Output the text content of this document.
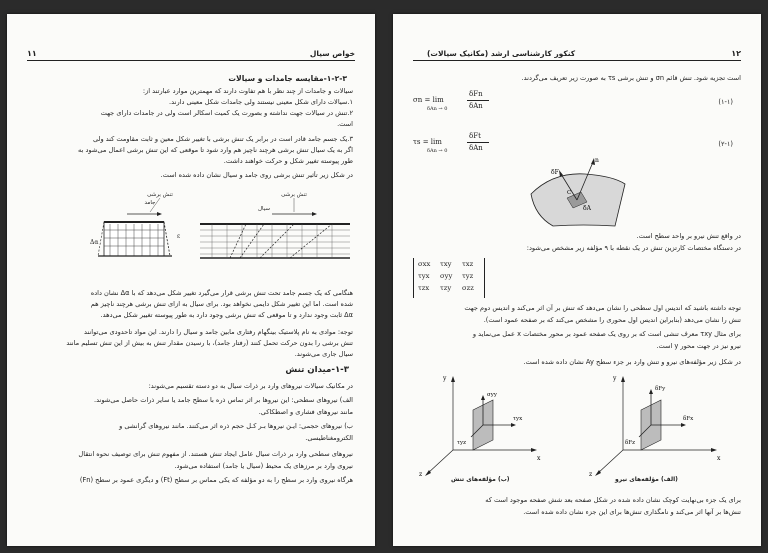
خواص سیال
۱۱
۱-۲-۳-مقایسه جامدات و سیالات
سیالات و جامدات از چند نظر با هم تفاوت دارند که مهمترین موارد عبارتند از:
۱.سیالات دارای شکل معینی نیستند ولی جامدات شکل معینی دارند.
۲.تنش در سیالات جهت نداشته و بصورت یک کمیت اسکالر است ولی در جامدات دارای جهت
است.
۳.یک جسم جامد قادر است در برابر یک تنش برشی با تغییر شکل معین و ثابت مقاومت کند ولی
اگر به یک سیال تنش برشی هرچند ناچیز هم وارد شود تا موقعی که این تنش برشی اعمال می‌شود به
طور پیوسته تغییر شکل و حرکت خواهند داشت.
در شکل زیر تأثیر تنش برشی روی جامد و سیال نشان داده شده است.
Δα
ε
جامد
سیال
تنش برشی	تنش برشی
هنگامی که یک جسم جامد تحت تنش برشی قرار می‌گیرد تغییر شکل می‌دهد که با Δα نشان داده
شده است. اما این تغییر شکل دایمی نخواهد بود. برای سیال به ازای تنش برشی هرچند ناچیز هم
Δα ثابت وجود ندارد و تا موقعی که تنش برشی وجود دارد به طور پیوسته تغییر شکل می‌دهد.
توجه: موادی به نام پلاستیک بینگهام رفتاری مابین جامد و سیال را دارند. این مواد تاحدودی می‌توانند
تنش برشی را بدون حرکت تحمل کنند (رفتار جامد)، با رسیدن مقدار تنش به بیش از این تنش تسلیم مانند
سیال جاری می‌شوند.
۱-۳-میدان تنش
در مکانیک سیالات نیروهای وارد بر ذرات سیال به دو دسته تقسیم می‌شوند:
الف) نیروهای سطحی: این نیروها بر اثر تماس ذره با سطح جامد یا سایر ذرات حاصل می‌شوند.
مانند نیروهای فشاری و اصطکاکی.
ب) نیروهای حجمی: ایـن نیروها بـر کـل حجم ذره اثر می‌کنند. مانند نیروهای گرانشی و
الکترومغناطیسی.
نیروهای سطحی وارد بر ذرات سیال عامل ایجاد تنش هستند. از مفهوم تنش برای توصیف نحوه انتقال
نیروی وارد بر مرزهای یک محیط (سیال یا جامد) استفاده می‌شود.
هرگاه نیروی وارد بر سطح را به دو مؤلفه که یکی مماس بر سطح (Ft) و دیگری عمود بر سطح (Fn)
کنکور کارشناسی ارشد (مکانیک سیالات)	۱۲
است تجزیه شود. تنش قائم σn و تنش برشی τs به صورت زیر تعریف می‌گردند.
σn = lim
δAn → 0
δFn
δAn	(۱-۱)
τs = lim
δAn → 0
δFt
δAn	(۲-۱)
n
δF
δA
C
در واقع تنش نیرو بر واحد سطح است.
در دستگاه مختصات کارتزین تنش در یک نقطه با ۹ مؤلفه زیر مشخص می‌شود:
σxx τxy τxz
τyx σyy τyz
τzx τzy σzz
توجه داشته باشید که اندیس اول سطحی را نشان می‌دهد که تنش بر آن اثر می‌کند و اندیس دوم جهت
تنش را نشان می‌دهد (بنابراین اندیس اول محوری را مشخص می‌کند که بر صفحه عمود است).
برای مثال τxy معرف تنشی است که بر روی یک صفحه عمود بر محور مختصات x عمل می‌نماید و
نیرو نیز در جهت محور y است.
در شکل زیر مؤلفه‌های نیرو و تنش وارد بر جزء سطح Ay نشان داده شده است.
y
x
z
σyy
τyx
τyz
y
x
z
δFy
δFx
δFz
(ب) مؤلفه‌های تنش	(الف) مؤلفه‌های نیرو
برای یک جزء بی‌نهایت کوچک نشان داده شده در شکل صفحه بعد شش صفحه موجود است که
تنش‌ها بر آنها اثر می‌کند و نامگذاری تنش‌ها برای این جزء نشان داده شده است.
